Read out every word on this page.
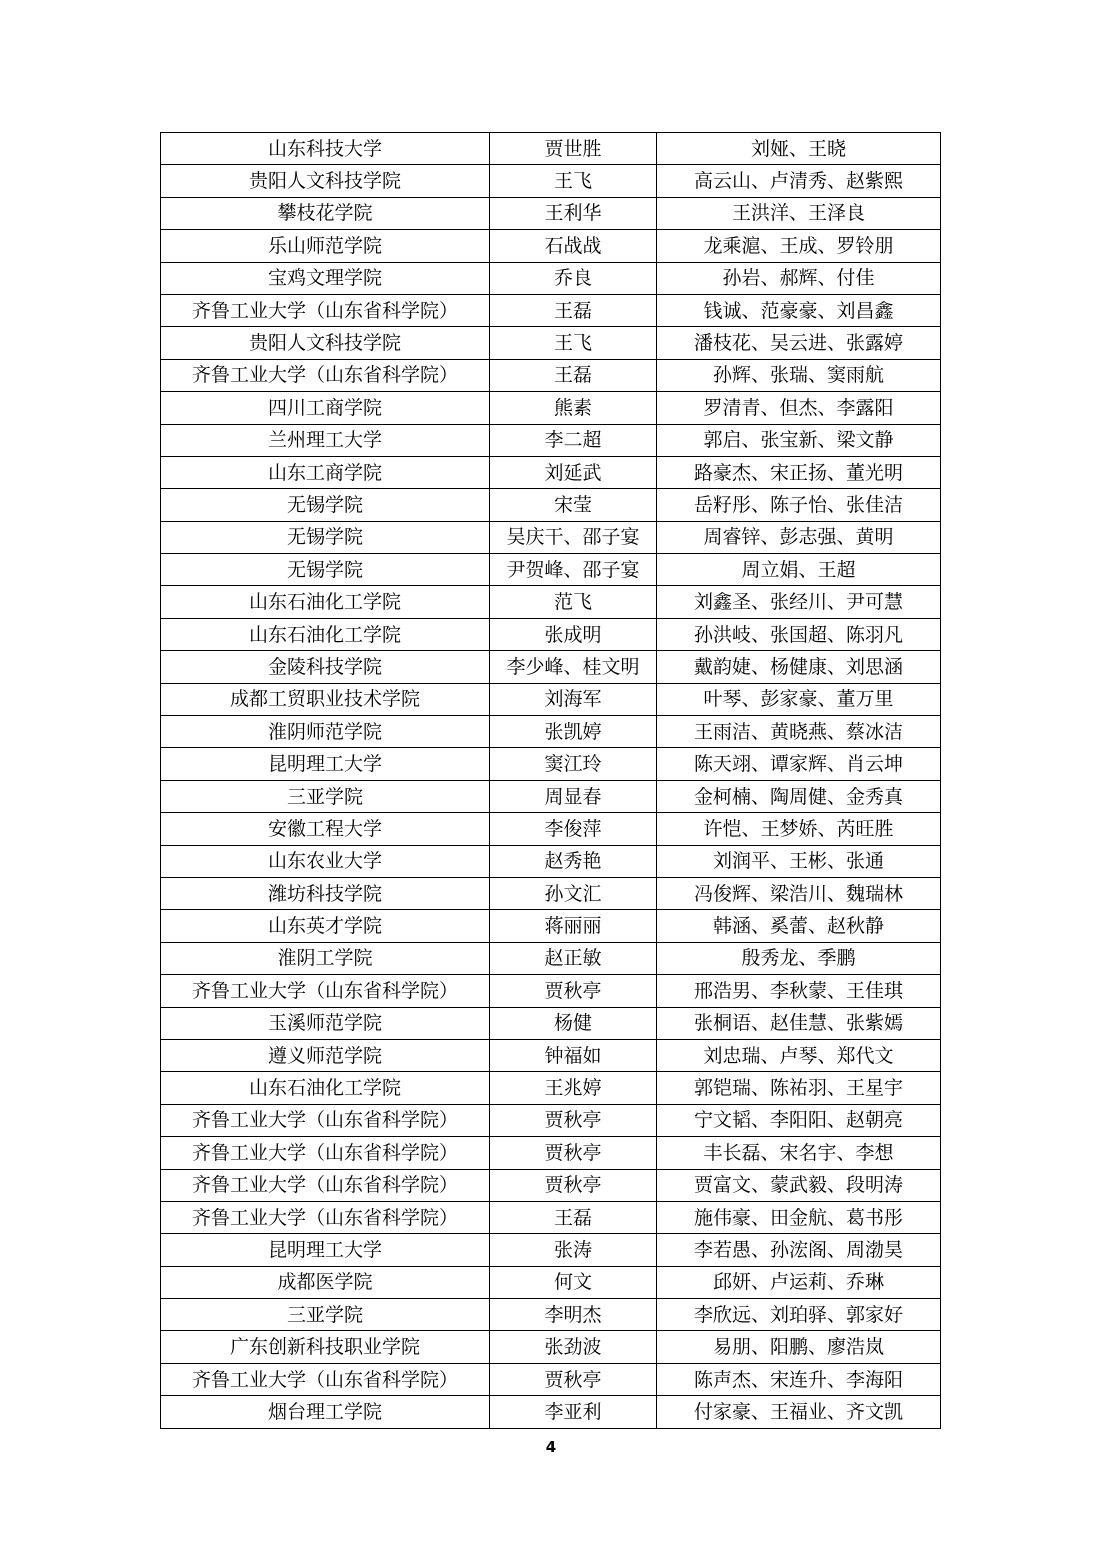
山东科技大学	贾世胜	刘娅、王晓
贵阳人文科技学院	王飞	高云山、卢清秀、赵紫熙
攀枝花学院	王利华	王洪洋、王泽良
乐山师范学院	石战战	龙乘滬、王成、罗铃朋
宝鸡文理学院	乔良	孙岩、郝辉、付佳
齐鲁工业大学（山东省科学院）	王磊	钱诚、范豪豪、刘昌鑫
贵阳人文科技学院	王飞	潘枝花、吴云进、张露婷
齐鲁工业大学（山东省科学院）	王磊	孙辉、张瑞、窦雨航
四川工商学院	熊素	罗清青、但杰、李露阳
兰州理工大学	李二超	郭启、张宝新、梁文静
山东工商学院	刘延武	路豪杰、宋正扬、董光明
无锡学院	宋莹	岳籽彤、陈子怡、张佳洁
无锡学院	吴庆干、邵子宴	周睿锌、彭志强、黄明
无锡学院	尹贺峰、邵子宴	周立娟、王超
山东石油化工学院	范飞	刘鑫圣、张经川、尹可慧
山东石油化工学院	张成明	孙洪岐、张国超、陈羽凡
金陵科技学院	李少峰、桂文明	戴韵婕、杨健康、刘思涵
成都工贸职业技术学院	刘海军	叶琴、彭家豪、董万里
淮阴师范学院	张凯婷	王雨洁、黄晓燕、蔡冰洁
昆明理工大学	窦江玲	陈天翊、谭家辉、肖云坤
三亚学院	周显春	金柯楠、陶周健、金秀真
安徽工程大学	李俊萍	许恺、王梦娇、芮旺胜
山东农业大学	赵秀艳	刘润平、王彬、张通
潍坊科技学院	孙文汇	冯俊辉、梁浩川、魏瑞林
山东英才学院	蒋丽丽	韩涵、奚蕾、赵秋静
淮阴工学院	赵正敏	殷秀龙、季鹏
齐鲁工业大学（山东省科学院）	贾秋亭	邢浩男、李秋蒙、王佳琪
玉溪师范学院	杨健	张桐语、赵佳慧、张紫嫣
遵义师范学院	钟福如	刘忠瑞、卢琴、郑代文
山东石油化工学院	王兆婷	郭铠瑞、陈祐羽、王星宇
齐鲁工业大学（山东省科学院）	贾秋亭	宁文韬、李阳阳、赵朝亮
齐鲁工业大学（山东省科学院）	贾秋亭	丰长磊、宋名宇、李想
齐鲁工业大学（山东省科学院）	贾秋亭	贾富文、蒙武毅、段明涛
齐鲁工业大学（山东省科学院）	王磊	施伟豪、田金航、葛书彤
昆明理工大学	张涛	李若愚、孙浤阁、周渤昊
成都医学院	何文	邱妍、卢运莉、乔琳
三亚学院	李明杰	李欣远、刘珀驿、郭家好
广东创新科技职业学院	张劲波	易朋、阳鹏、廖浩岚
齐鲁工业大学（山东省科学院）	贾秋亭	陈声杰、宋连升、李海阳
烟台理工学院	李亚利	付家豪、王福业、齐文凯
4
